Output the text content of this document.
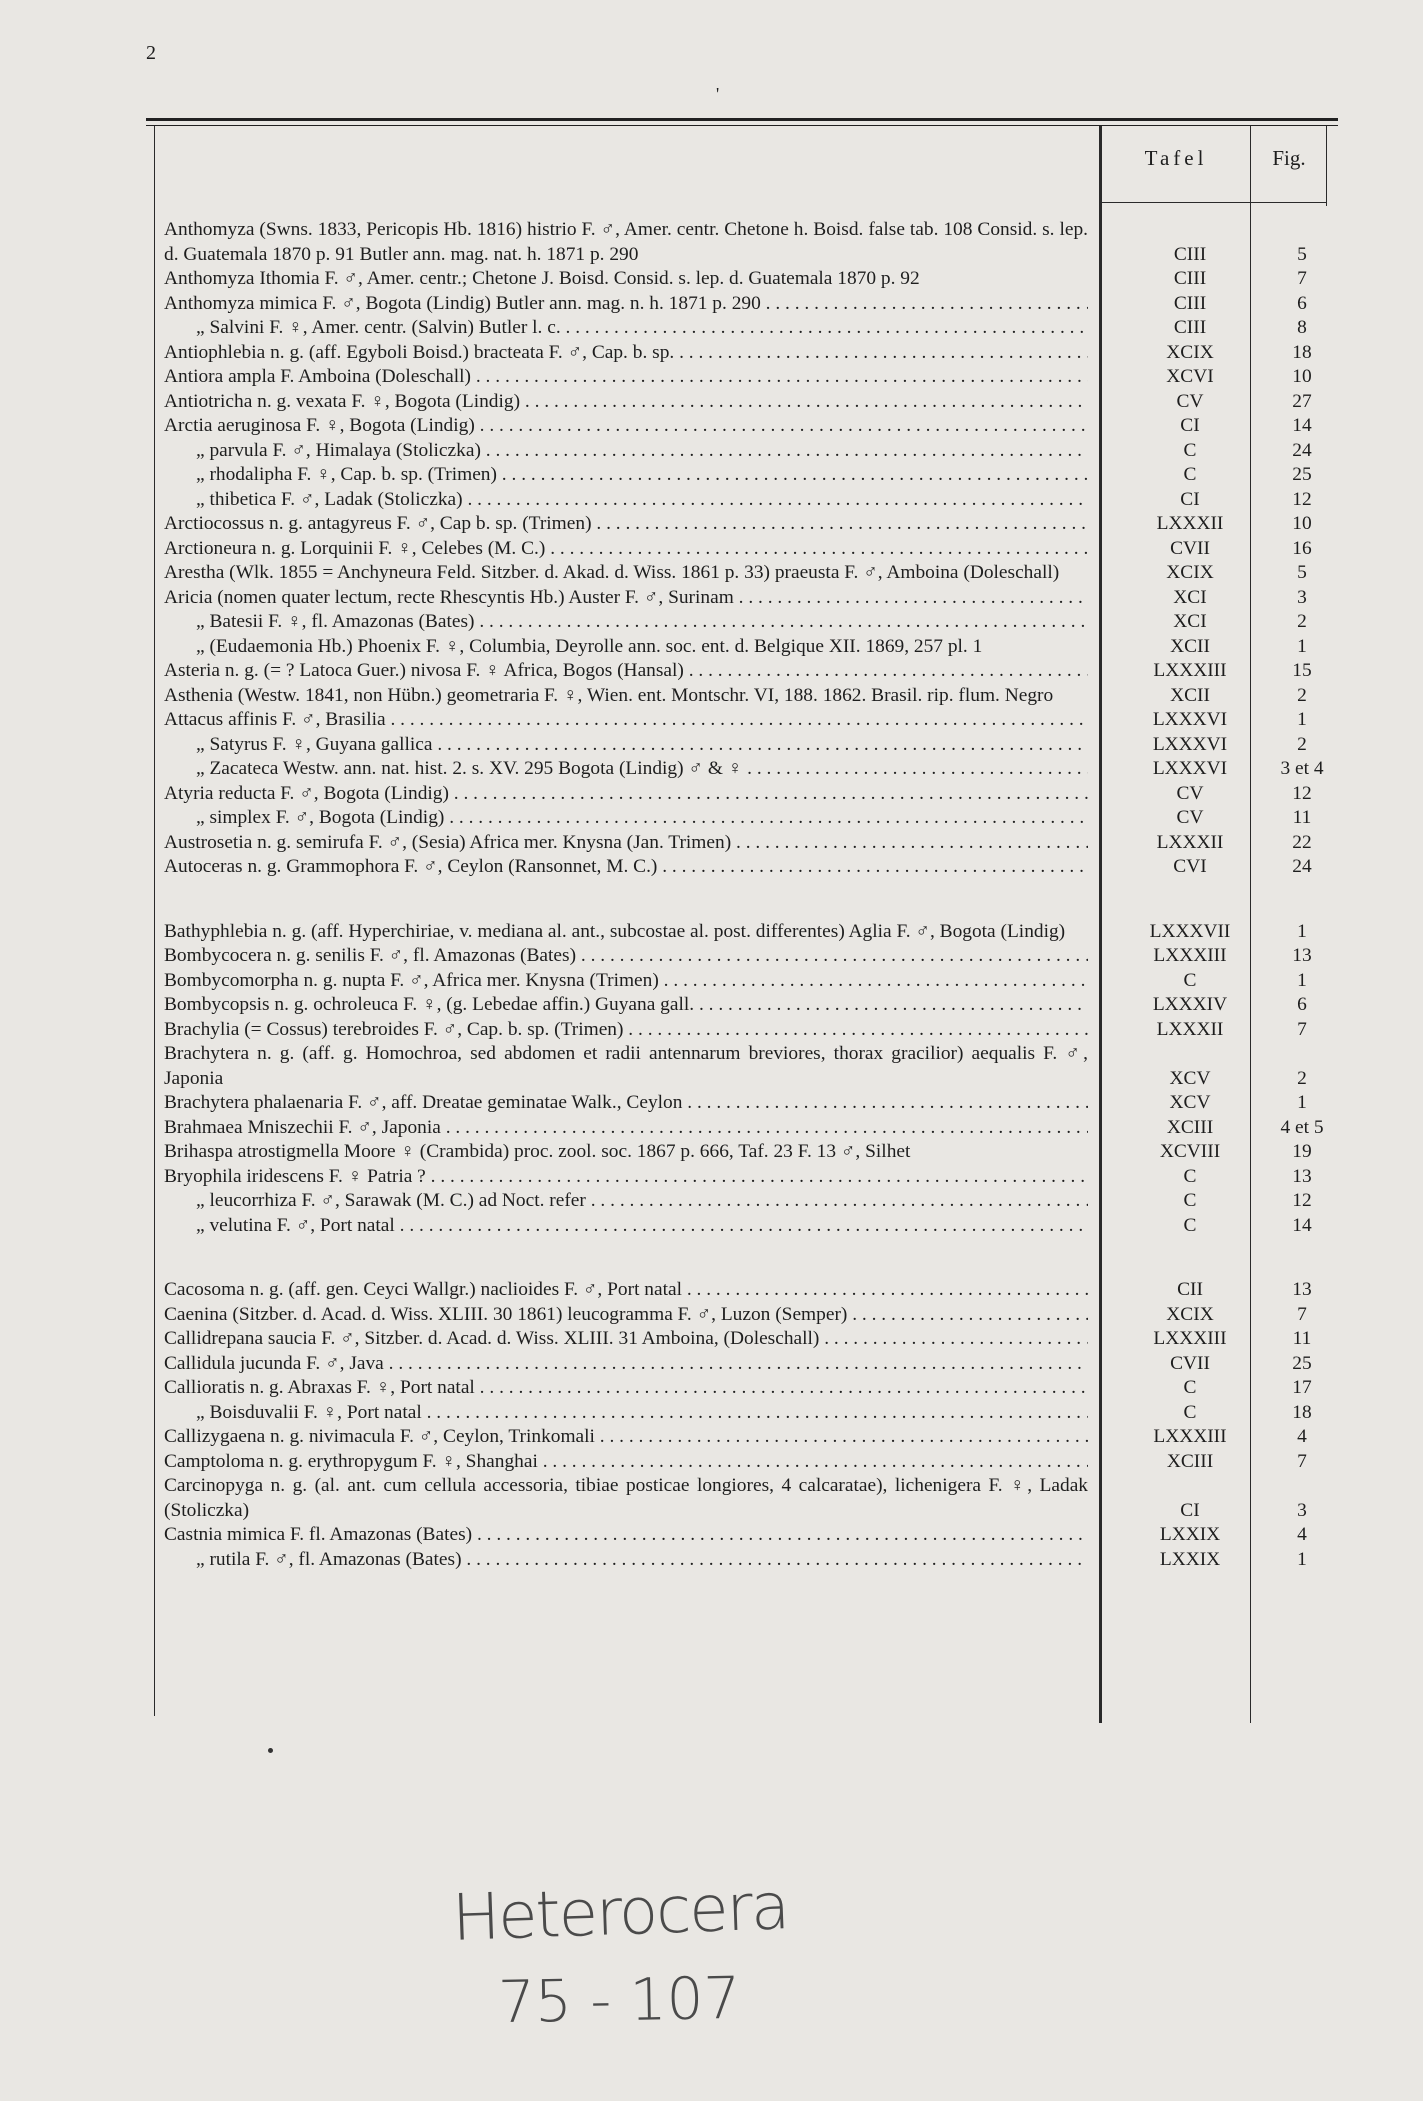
2
'
Tafel	Fig.
Anthomyza (Swns. 1833, Pericopis Hb. 1816) histrio F. ♂, Amer. centr. Chetone h. Boisd. false tab. 108 Consid. s. lep. d. Guatemala 1870 p. 91 Butler ann. mag. nat. h. 1871 p. 290	CIII	5
Anthomyza Ithomia F. ♂, Amer. centr.; Chetone J. Boisd. Consid. s. lep. d. Guatemala 1870 p. 92	CIII	7
Anthomyza mimica F. ♂, Bogota (Lindig) Butler ann. mag. n. h. 1871 p. 290 . . .	CIII	6
„ Salvini F. ♀, Amer. centr. (Salvin) Butler l. c. . . .	CIII	8
Antiophlebia n. g. (aff. Egyboli Boisd.) bracteata F. ♂, Cap. b. sp. . . .	XCIX	18
Antiora ampla F. Amboina (Doleschall) . . .	XCVI	10
Antiotricha n. g. vexata F. ♀, Bogota (Lindig) . . .	CV	27
Arctia aeruginosa F. ♀, Bogota (Lindig) . . .	CI	14
„ parvula F. ♂, Himalaya (Stoliczka) . . .	C	24
„ rhodalipha F. ♀, Cap. b. sp. (Trimen) . . .	C	25
„ thibetica F. ♂, Ladak (Stoliczka) . . .	CI	12
Arctiocossus n. g. antagyreus F. ♂, Cap b. sp. (Trimen) . . .	LXXXII	10
Arctioneura n. g. Lorquinii F. ♀, Celebes (M. C.) . . .	CVII	16
Arestha (Wlk. 1855 = Anchyneura Feld. Sitzber. d. Akad. d. Wiss. 1861 p. 33) praeusta F. ♂, Amboina (Doleschall)	XCIX	5
Aricia (nomen quater lectum, recte Rhescyntis Hb.) Auster F. ♂, Surinam . . .	XCI	3
„ Batesii F. ♀, fl. Amazonas (Bates) . . .	XCI	2
„ (Eudaemonia Hb.) Phoenix F. ♀, Columbia, Deyrolle ann. soc. ent. d. Belgique XII. 1869, 257 pl. 1	XCII	1
Asteria n. g. (= ? Latoca Guer.) nivosa F. ♀ Africa, Bogos (Hansal) . . .	LXXXIII	15
Asthenia (Westw. 1841, non Hübn.) geometraria F. ♀, Wien. ent. Montschr. VI, 188. 1862. Brasil. rip. flum. Negro	XCII	2
Attacus affinis F. ♂, Brasilia . . .	LXXXVI	1
„ Satyrus F. ♀, Guyana gallica . . .	LXXXVI	2
„ Zacateca Westw. ann. nat. hist. 2. s. XV. 295 Bogota (Lindig) ♂ & ♀ . . .	LXXXVI	3 et 4
Atyria reducta F. ♂, Bogota (Lindig) . . .	CV	12
„ simplex F. ♂, Bogota (Lindig) . . .	CV	11
Austrosetia n. g. semirufa F. ♂, (Sesia) Africa mer. Knysna (Jan. Trimen) . . .	LXXXII	22
Autoceras n. g. Grammophora F. ♂, Ceylon (Ransonnet, M. C.) . . .	CVI	24
Bathyphlebia n. g. (aff. Hyperchiriae, v. mediana al. ant., subcostae al. post. differentes) Aglia F. ♂, Bogota (Lindig)	LXXXVII	1
Bombycocera n. g. senilis F. ♂, fl. Amazonas (Bates) . . .	LXXXIII	13
Bombycomorpha n. g. nupta F. ♂, Africa mer. Knysna (Trimen) . . .	C	1
Bombycopsis n. g. ochroleuca F. ♀, (g. Lebedae affin.) Guyana gall. . . .	LXXXIV	6
Brachylia (= Cossus) terebroides F. ♂, Cap. b. sp. (Trimen) . . .	LXXXII	7
Brachytera n. g. (aff. g. Homochroa, sed abdomen et radii antennarum breviores, thorax gracilior) aequalis F. ♂, Japonia	XCV	2
Brachytera phalaenaria F. ♂, aff. Dreatae geminatae Walk., Ceylon . . .	XCV	1
Brahmaea Mniszechii F. ♂, Japonia . . .	XCIII	4 et 5
Brihaspa atrostigmella Moore ♀ (Crambida) proc. zool. soc. 1867 p. 666, Taf. 23 F. 13 ♂, Silhet	XCVIII	19
Bryophila iridescens F. ♀ Patria ? . . .	C	13
„ leucorrhiza F. ♂, Sarawak (M. C.) ad Noct. refer . . .	C	12
„ velutina F. ♂, Port natal . . .	C	14
Cacosoma n. g. (aff. gen. Ceyci Wallgr.) naclioides F. ♂, Port natal . . .	CII	13
Caenina (Sitzber. d. Acad. d. Wiss. XLIII. 30 1861) leucogramma F. ♂, Luzon (Semper) . . .	XCIX	7
Callidrepana saucia F. ♂, Sitzber. d. Acad. d. Wiss. XLIII. 31 Amboina, (Doleschall) . . .	LXXXIII	11
Callidula jucunda F. ♂, Java . . .	CVII	25
Callioratis n. g. Abraxas F. ♀, Port natal . . .	C	17
„ Boisduvalii F. ♀, Port natal . . .	C	18
Callizygaena n. g. nivimacula F. ♂, Ceylon, Trinkomali . . .	LXXXIII	4
Camptoloma n. g. erythropygum F. ♀, Shanghai . . .	XCIII	7
Carcinopyga n. g. (al. ant. cum cellula accessoria, tibiae posticae longiores, 4 calcaratae), lichenigera F. ♀, Ladak (Stoliczka)	CI	3
Castnia mimica F. fl. Amazonas (Bates) . . .	LXXIX	4
„ rutila F. ♂, fl. Amazonas (Bates) . . .	LXXIX	1
Heterocera
75 - 107
